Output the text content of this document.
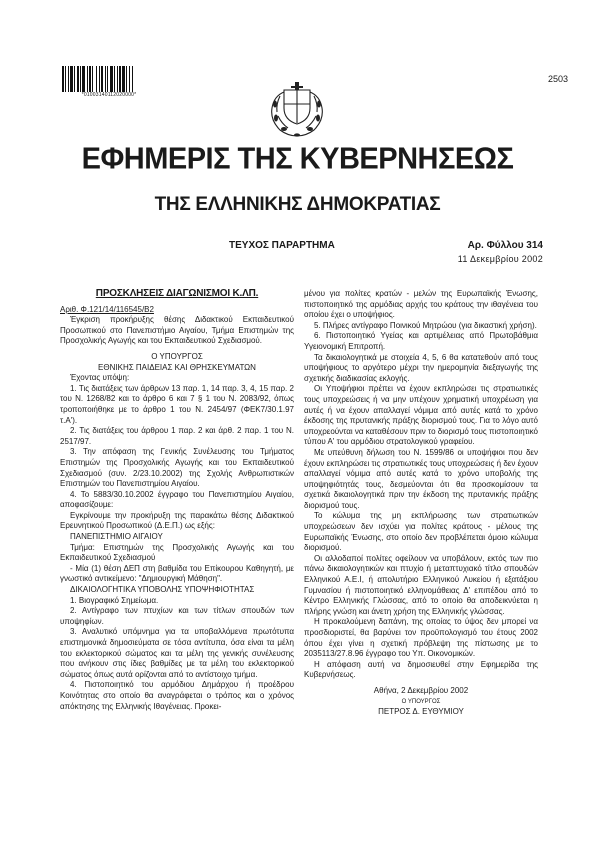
*01003140112020000*
2503
ΕΦΗΜΕΡΙΣ ΤΗΣ ΚΥΒΕΡΝΗΣΕΩΣ
ΤΗΣ ΕΛΛΗΝΙΚΗΣ ΔΗΜΟΚΡΑΤΙΑΣ
ΤΕΥΧΟΣ ΠΑΡΑΡΤΗΜΑ	Αρ. Φύλλου 314
11 Δεκεμβρίου 2002

ΠΡΟΣΚΛΗΣΕΙΣ ΔΙΑΓΩΝΙΣΜΟΙ Κ.ΛΠ.

Αριθ. Φ.121/14/116545/Β2

Έγκριση προκήρυξης θέσης Διδακτικού Εκπαιδευτικού Προσωπικού στο Πανεπιστήμιο Αιγαίου, Τμήμα Επιστημών της Προσχολικής Αγωγής και του Εκπαιδευτικού Σχεδιασμού.

Ο ΥΠΟΥΡΓΟΣ

ΕΘΝΙΚΗΣ ΠΑΙΔΕΙΑΣ ΚΑΙ ΘΡΗΣΚΕΥΜΑΤΩΝ

Έχοντας υπόψη:

1. Τις διατάξεις των άρθρων 13 παρ. 1, 14 παρ. 3, 4, 15 παρ. 2 του Ν. 1268/82 και το άρθρο 6 και 7 § 1 του Ν. 2083/92, όπως τροποποιήθηκε με το άρθρο 1 του Ν. 2454/97 (ΦΕΚ7/30.1.97 τ.Α').

2. Τις διατάξεις του άρθρου 1 παρ. 2 και άρθ. 2 παρ. 1 του Ν. 2517/97.

3. Την απόφαση της Γενικής Συνέλευσης του Τμήματος Επιστημών της Προσχολικής Αγωγής και του Εκπαιδευτικού Σχεδιασμού (συν. 2/23.10.2002) της Σχολής Ανθρωπιστικών Επιστημών του Πανεπιστημίου Αιγαίου.

4. Το 5883/30.10.2002 έγγραφο του Πανεπιστημίου Αιγαίου, αποφασίζουμε:

Εγκρίνουμε την προκήρυξη της παρακάτω θέσης Διδακτικού Ερευνητικού Προσωπικού (Δ.Ε.Π.) ως εξής:

ΠΑΝΕΠΙΣΤΗΜΙΟ ΑΙΓΑΙΟΥ

Τμήμα: Επιστημών της Προσχολικής Αγωγής και του Εκπαιδευτικού Σχεδιασμού

- Μία (1) θέση ΔΕΠ στη βαθμίδα του Επίκουρου Καθηγητή, με γνωστικό αντικείμενο: "Δημιουργική Μάθηση".

ΔΙΚΑΙΟΛΟΓΗΤΙΚΑ ΥΠΟΒΟΛΗΣ ΥΠΟΨΗΦΙΟΤΗΤΑΣ

1. Βιογραφικό Σημείωμα.

2. Αντίγραφο των πτυχίων και των τίτλων σπουδών των υποψηφίων.

3. Αναλυτικό υπόμνημα για τα υποβαλλόμενα πρωτότυπα επιστημονικά δημοσιεύματα σε τόσα αντίτυπα, όσα είναι τα μέλη του εκλεκτορικού σώματος και τα μέλη της γενικής συνέλευσης που ανήκουν στις ίδιες βαθμίδες με τα μέλη του εκλεκτορικού σώματος όπως αυτά ορίζονται από το αντίστοιχο τμήμα.

4. Πιστοποιητικό του αρμόδιου Δημάρχου ή προέδρου Κοινότητας στο οποίο θα αναγράφεται ο τρόπος και ο χρόνος απόκτησης της Ελληνικής Ιθαγένειας. Προκει-

μένου για πολίτες κρατών - μελών της Ευρωπαϊκής Ένωσης, πιστοποιητικό της αρμόδιας αρχής του κράτους την ιθαγένεια του οποίου έχει ο υποψήφιος.

5. Πλήρες αντίγραφο Ποινικού Μητρώου (για δικαστική χρήση).

6. Πιστοποιητικό Υγείας και αρτιμέλειας από Πρωτοβάθμια Υγειονομική Επιτροπή.

Τα δικαιολογητικά με στοιχεία 4, 5, 6 θα κατατεθούν από τους υποψήφιους το αργότερο μέχρι την ημερομηνία διεξαγωγής της σχετικής διαδικασίας εκλογής.

Οι Υποψήφιοι πρέπει να έχουν εκπληρώσει τις στρατιωτικές τους υποχρεώσεις ή να μην υπέχουν χρηματική υποχρέωση για αυτές ή να έχουν απαλλαγεί νόμιμα από αυτές κατά το χρόνο έκδοσης της πρυτανικής πράξης διορισμού τους. Για το λόγο αυτό υποχρεούνται να καταθέσουν πριν το διορισμό τους πιστοποιητικό τύπου Α' του αρμόδιου στρατολογικού γραφείου.

Με υπεύθυνη δήλωση του Ν. 1599/86 οι υποψήφιοι που δεν έχουν εκπληρώσει τις στρατιωτικές τους υποχρεώσεις ή δεν έχουν απαλλαγεί νόμιμα από αυτές κατά το χρόνο υποβολής της υποψηφιότητάς τους, δεσμεύονται ότι θα προσκομίσουν τα σχετικά δικαιολογητικά πριν την έκδοση της πρυτανικής πράξης διορισμού τους.

Το κώλυμα της μη εκπλήρωσης των στρατιωτικών υποχρεώσεων δεν ισχύει για πολίτες κράτους - μέλους της Ευρωπαϊκής Ένωσης, στο οποίο δεν προβλέπεται όμοιο κώλυμα διορισμού.

Οι αλλοδαποί πολίτες οφείλουν να υποβάλουν, εκτός των πιο πάνω δικαιολογητικών και πτυχίο ή μεταπτυχιακό τίτλο σπουδών Ελληνικού Α.Ε.Ι, ή απολυτήριο Ελληνικού Λυκείου ή εξατάξιου Γυμνασίου ή πιστοποιητικό ελληνομάθειας Δ' επιπέδου από το Κέντρο Ελληνικής Γλώσσας, από το οποίο θα αποδεικνύεται η πλήρης γνώση και άνετη χρήση της Ελληνικής γλώσσας.

Η προκαλούμενη δαπάνη, της οποίας το ύψος δεν μπορεί να προσδιοριστεί, θα βαρύνει τον προϋπολογισμό του έτους 2002 όπου έχει γίνει η σχετική πρόβλεψη της πίστωσης με το 2035113/27.8.96 έγγραφο του Υπ. Οικονομικών.

Η απόφαση αυτή να δημοσιευθεί στην Εφημερίδα της Κυβερνήσεως.

Αθήνα, 2 Δεκεμβρίου 2002

Ο ΥΠΟΥΡΓΟΣ

ΠΕΤΡΟΣ Δ. ΕΥΘΥΜΙΟΥ
